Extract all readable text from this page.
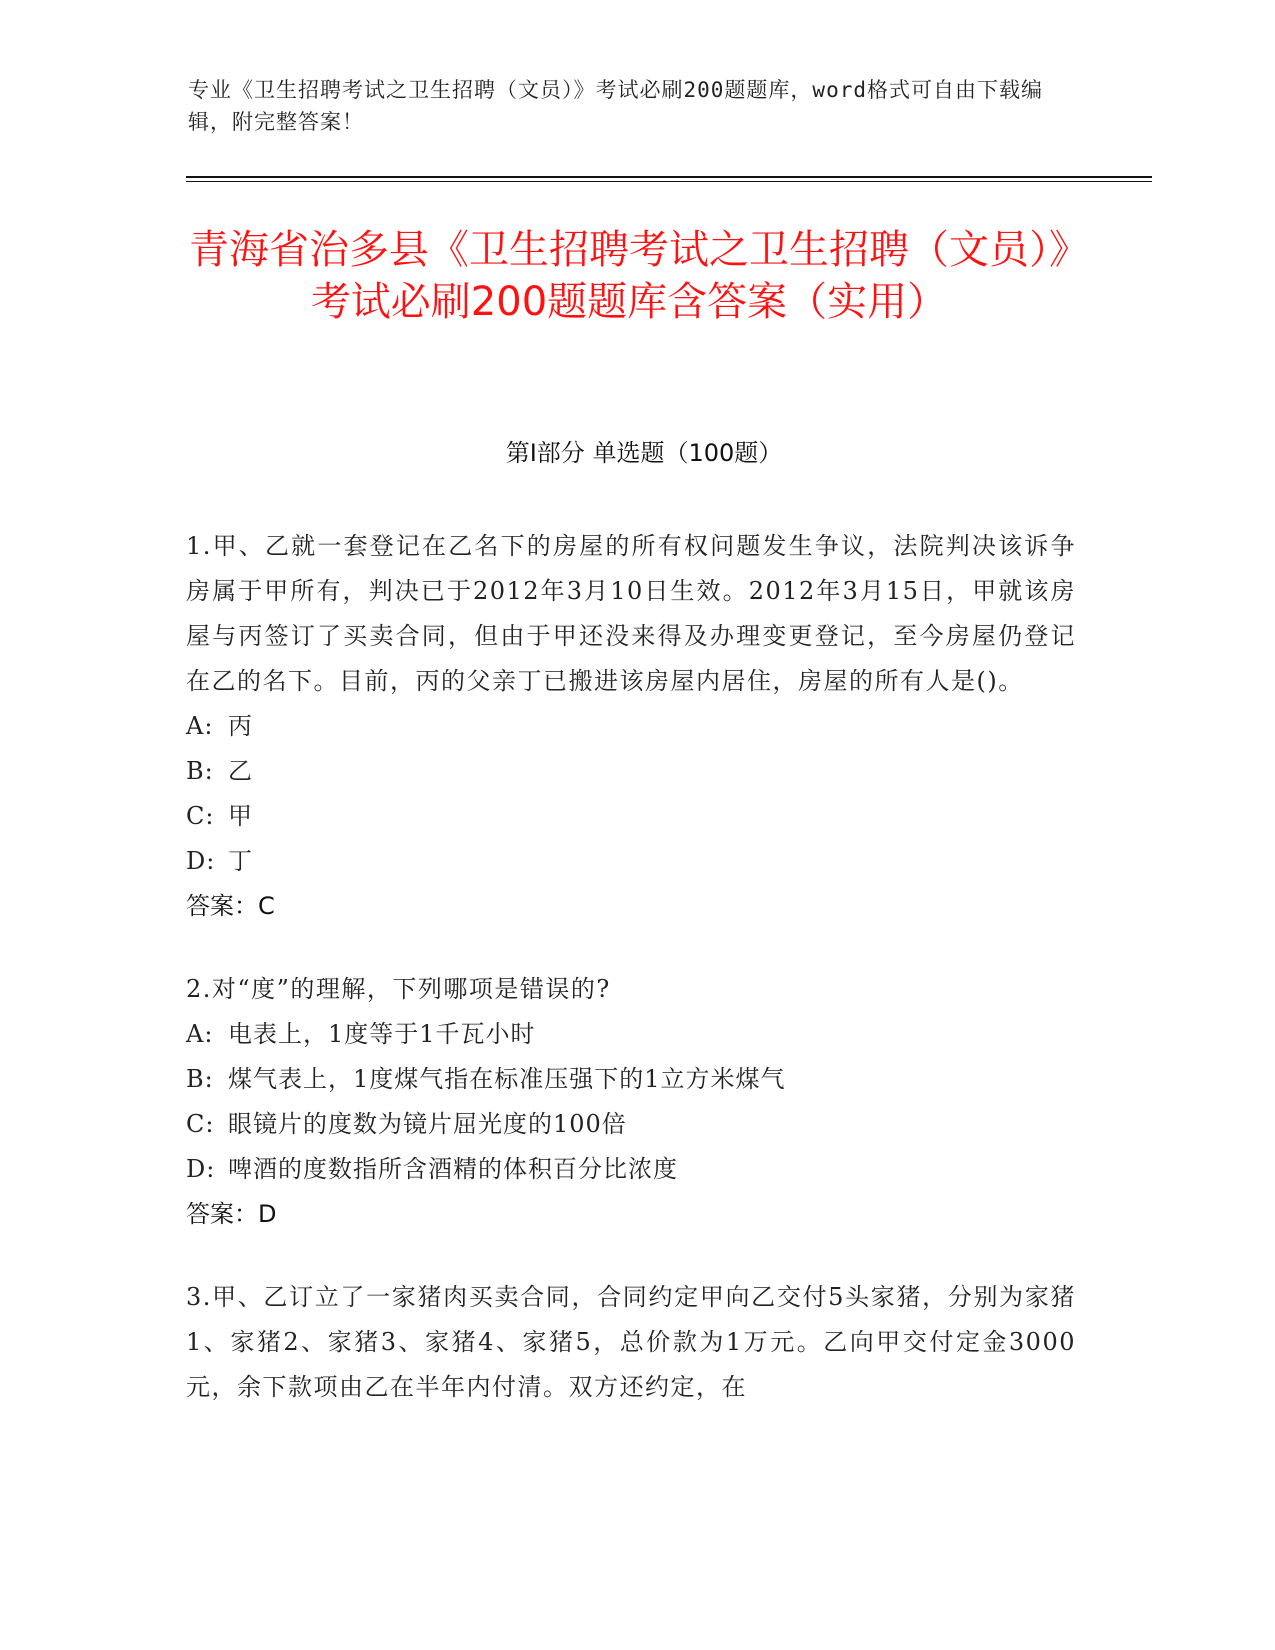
专业《卫生招聘考试之卫生招聘（文员）》考试必刷200题题库，word格式可自由下载编辑，附完整答案！
青海省治多县《卫生招聘考试之卫生招聘（文员）》考试必刷200题题库含答案（实用）
第Ⅰ部分 单选题（100题）

1.甲、乙就一套登记在乙名下的房屋的所有权问题发生争议，法院判决该诉争房属于甲所有，判决已于2012年3月10日生效。2012年3月15日，甲就该房屋与丙签订了买卖合同，但由于甲还没来得及办理变更登记，至今房屋仍登记在乙的名下。目前，丙的父亲丁已搬进该房屋内居住，房屋的所有人是()。

A: 丙

B: 乙

C: 甲

D: 丁

答案：C

2.对“度”的理解，下列哪项是错误的?

A: 电表上，1度等于1千瓦小时

B: 煤气表上，1度煤气指在标准压强下的1立方米煤气

C: 眼镜片的度数为镜片屈光度的100倍

D: 啤酒的度数指所含酒精的体积百分比浓度

答案：D

3.甲、乙订立了一家猪肉买卖合同，合同约定甲向乙交付5头家猪，分别为家猪1、家猪2、家猪3、家猪4、家猪5，总价款为1万元。乙向甲交付定金3000元，余下款项由乙在半年内付清。双方还约定，在
